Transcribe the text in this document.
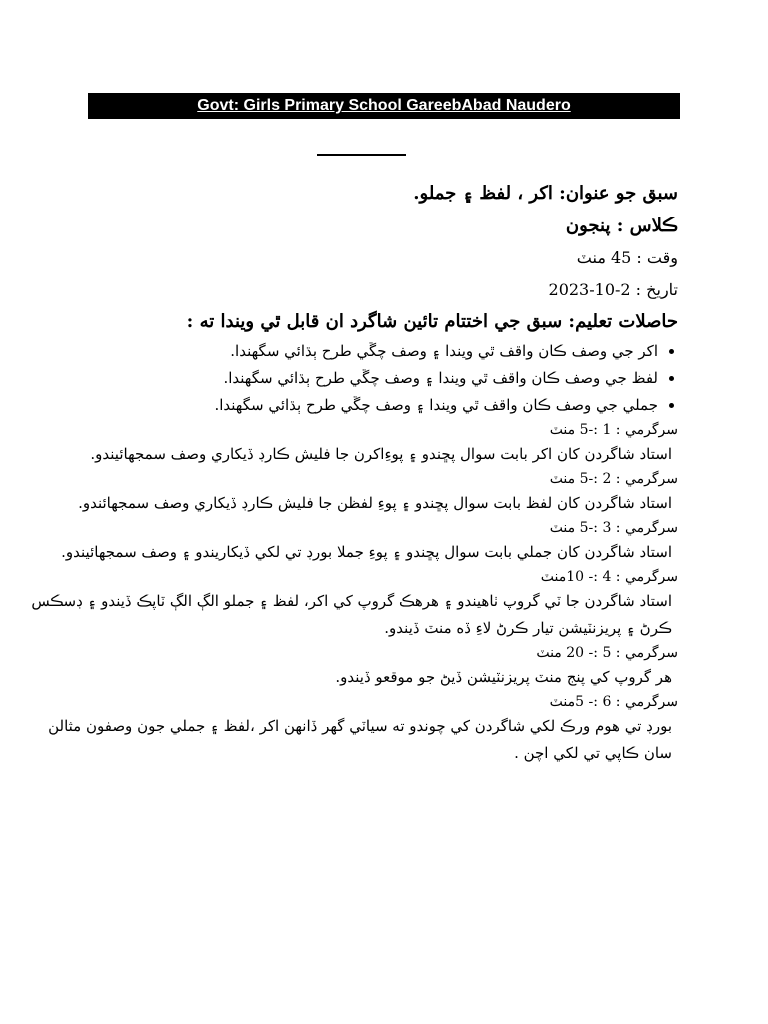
Govt: Girls Primary School GareebAbad Naudero
سبق جو عنوان: اکر ، لفظ ۽ جملو.
ڪلاس : پنجون
وقت : 45 منٽ
تاريخ : 2-10-2023
حاصلات تعليم: سبق جي اختتام تائين شاگرد ان قابل ٿي ويندا ته :
• اکر جي وصف ڪان واقف ٿي ويندا ۽ وصف چڱي طرح ٻڌائي سگهندا.
• لفظ جي وصف ڪان واقف ٿي ويندا ۽ وصف چڱي طرح ٻڌائي سگهندا.
• جملي جي وصف ڪان واقف ٿي ويندا ۽ وصف چڱي طرح ٻڌائي سگهندا.
سرگرمي : 1 :-5 منٽ
استاد شاگردن کان اکر بابت سوال پڇندو ۽ پوءِاکرن جا فليش ڪارڊ ڏيکاري وصف سمجهائيندو.
سرگرمي : 2 :-5 منٽ
استاد شاگردن کان لفظ بابت سوال پڇندو ۽ پوءِ لفظن جا فليش ڪارڊ ڏيکاري وصف سمجهائندو.
سرگرمي : 3 :-5 منٽ
استاد شاگردن کان جملي بابت سوال پڇندو ۽ پوءِ جملا بورڊ تي لکي ڏيکاريندو ۽ وصف سمجهائيندو.
سرگرمي : 4 :- 10منٽ
استاد شاگردن جا ٽي گروپ ٺاهيندو ۽ هرهڪ گروپ کي اکر، لفظ ۽ جملو الڳ الڳ ٽاپڪ ڏيندو ۽ ڊسڪس ڪرڻ ۽ پريزنٽيشن تيار ڪرڻ لاءِ ڏه منٽ ڏيندو.
سرگرمي : 5 :- 20 منٽ
هر گروپ کي پنج منٽ پريزنٽيشن ڏيڻ جو موقعو ڏيندو.
سرگرمي : 6 :- 5منٽ
بورڊ تي هوم ورڪ لکي شاگردن کي چوندو ته سياٽي گهر ڏانهن اکر ،لفظ ۽ جملي جون وصفون مثالن سان ڪاپي تي لکي اچن .
